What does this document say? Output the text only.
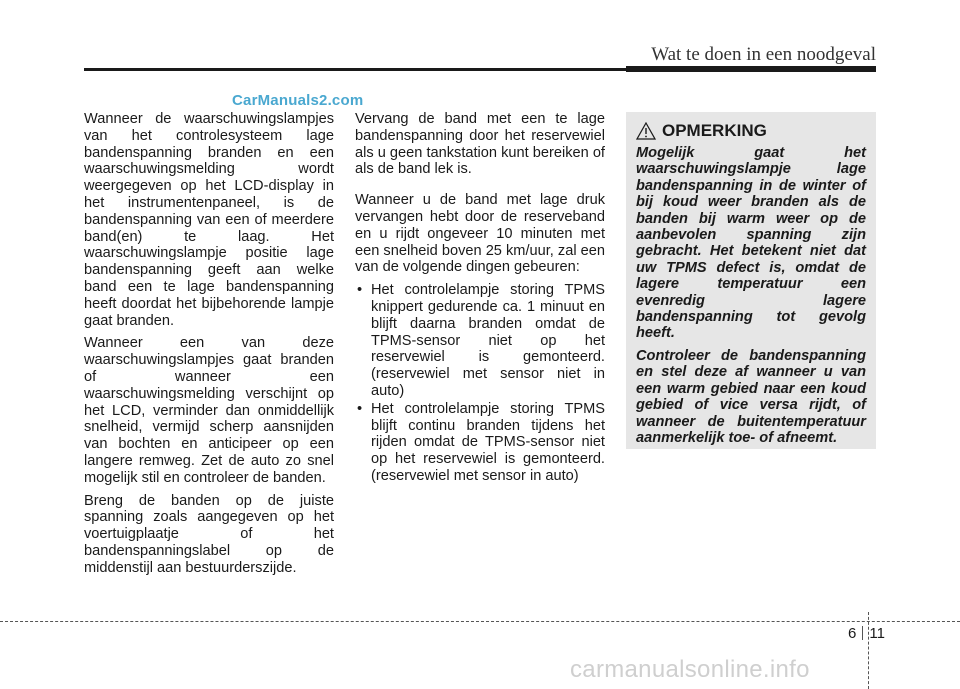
Wat te doen in een noodgeval
CarManuals2.com

Wanneer de waarschuwingslampjes van het controlesysteem lage bandenspanning branden en een waarschuwingsmelding wordt weergegeven op het LCD-display in het instrumentenpaneel, is de bandenspanning van een of meerdere band(en) te laag. Het waarschuwingslampje positie lage bandenspanning geeft aan welke band een te lage bandenspanning heeft doordat het bijbehorende lampje gaat branden.

Wanneer een van deze waarschuwingslampjes gaat branden of wanneer een waarschuwingsmelding verschijnt op het LCD, verminder dan onmiddellijk snelheid, vermijd scherp aansnijden van bochten en anticipeer op een langere remweg. Zet de auto zo snel mogelijk stil en controleer de banden.

Breng de banden op de juiste spanning zoals aangegeven op het voertuigplaatje of het bandenspanningslabel op de middenstijl aan bestuurderszijde.

Vervang de band met een te lage bandenspanning door het reservewiel als u geen tankstation kunt bereiken of als de band lek is.

Wanneer u de band met lage druk vervangen hebt door de reserveband en u rijdt ongeveer 10 minuten met een snelheid boven 25 km/uur, zal een van de volgende dingen gebeuren:

• Het controlelampje storing TPMS knippert gedurende ca. 1 minuut en blijft daarna branden omdat de TPMS-sensor niet op het reservewiel is gemonteerd. (reservewiel met sensor niet in auto)
• Het controlelampje storing TPMS blijft continu branden tijdens het rijden omdat de TPMS-sensor niet op het reservewiel is gemonteerd. (reservewiel met sensor in auto)
OPMERKING

Mogelijk gaat het waarschuwingslampje lage bandenspanning in de winter of bij koud weer branden als de banden bij warm weer op de aanbevolen spanning zijn gebracht. Het betekent niet dat uw TPMS defect is, omdat de lagere temperatuur een evenredig lagere bandenspanning tot gevolg heeft.

Controleer de bandenspanning en stel deze af wanneer u van een warm gebied naar een koud gebied of vice versa rijdt, of wanneer de buitentemperatuur aanmerkelijk toe- of afneemt.

6 11
carmanualsonline.info
